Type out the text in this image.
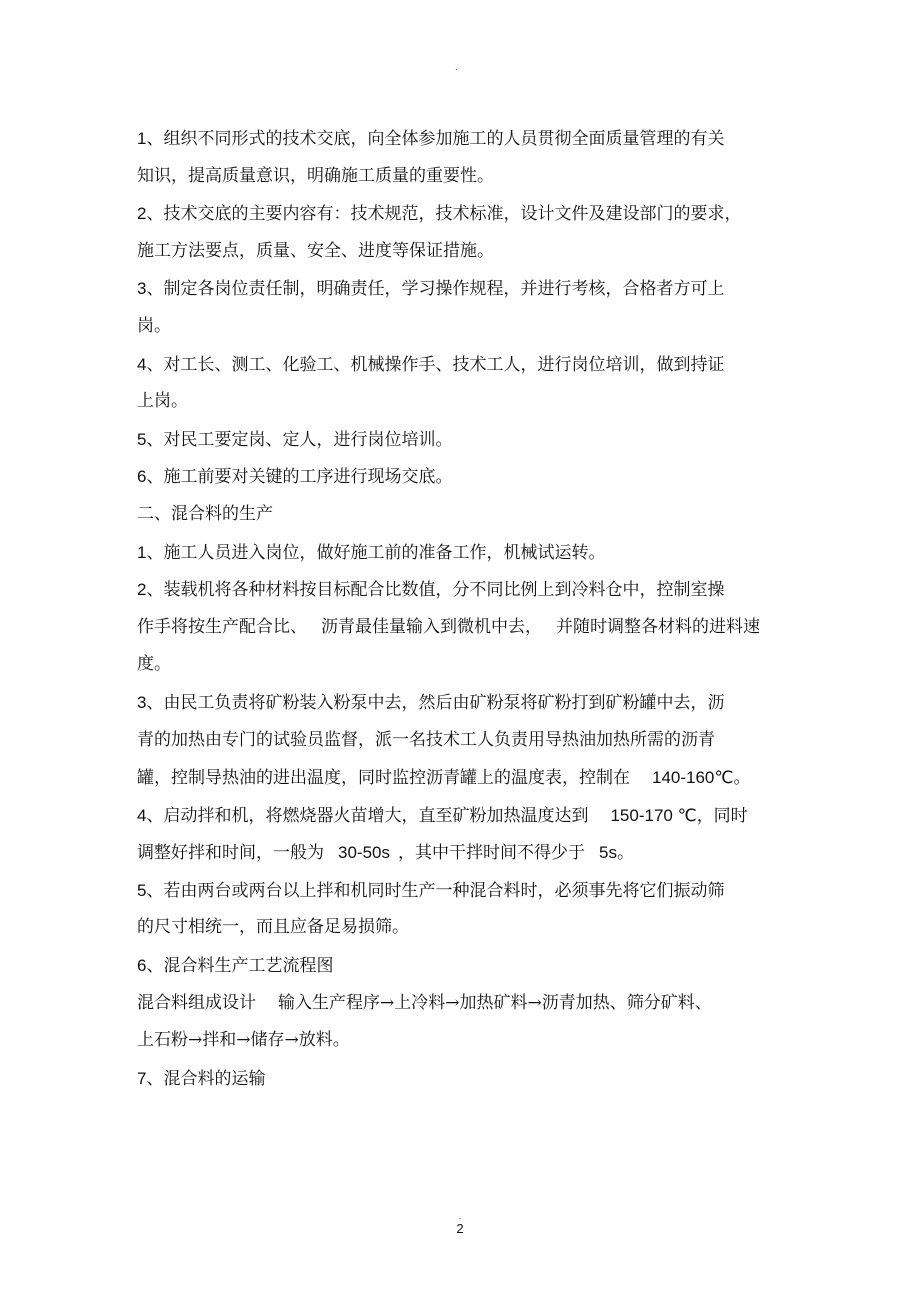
.
1、组织不同形式的技术交底，向全体参加施工的人员贯彻全面质量管理的有关
知识，提高质量意识，明确施工质量的重要性。
2、技术交底的主要内容有：技术规范，技术标准，设计文件及建设部门的要求，
施工方法要点，质量、安全、进度等保证措施。
3、制定各岗位责任制，明确责任，学习操作规程，并进行考核，合格者方可上
岗。
4、对工长、测工、化验工、机械操作手、技术工人，进行岗位培训，做到持证
上岗。
5、对民工要定岗、定人，进行岗位培训。
6、施工前要对关键的工序进行现场交底。
二、混合料的生产
1、施工人员进入岗位，做好施工前的准备工作，机械试运转。
2、装载机将各种材料按目标配合比数值，分不同比例上到冷料仓中，控制室操
作手将按生产配合比、 沥青最佳量输入到微机中去， 并随时调整各材料的进料速
度。
3、由民工负责将矿粉装入粉泵中去，然后由矿粉泵将矿粉打到矿粉罐中去，沥
青的加热由专门的试验员监督，派一名技术工人负责用导热油加热所需的沥青
罐，控制导热油的进出温度，同时监控沥青罐上的温度表，控制在 140-160℃。
4、启动拌和机，将燃烧器火苗增大，直至矿粉加热温度达到 150-170 ℃，同时
调整好拌和时间，一般为 30-50s ，其中干拌时间不得少于 5s。
5、若由两台或两台以上拌和机同时生产一种混合料时，必须事先将它们振动筛
的尺寸相统一，而且应备足易损筛。
6、混合料生产工艺流程图
混合料组成设计 输入生产程序→上冷料→加热矿料→沥青加热、筛分矿料、
上石粉→拌和→储存→放料。
7、混合料的运输
.
2
